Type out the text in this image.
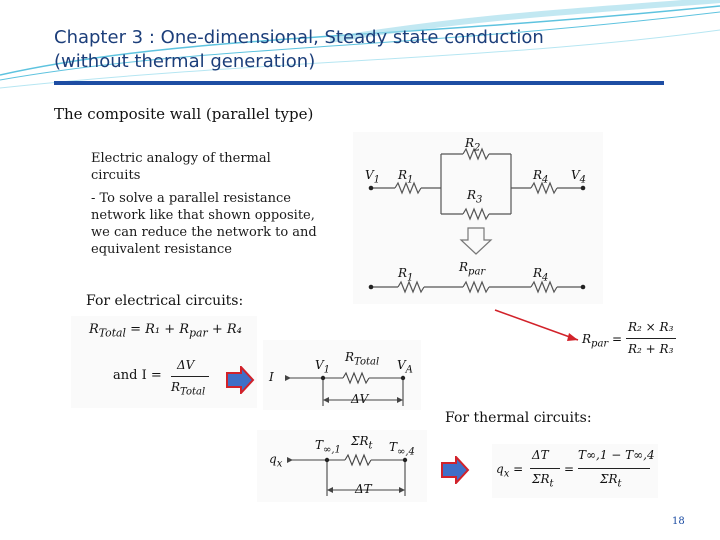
Chapter 3 : One-dimensional, Steady state conduction
(without thermal generation)
The composite wall (parallel type)
Electric analogy of thermal
circuits
- To solve a parallel resistance
network like that shown opposite,
we can reduce the network to and
equivalent resistance
$R_2$
$V_1$ $R_1$
$R_3$
$R_4$ $V_4$
$R_1$
$R_{par}$	$R_4$
$R_{par}$ =
R₂ × R₃
R₂ + R₃
For electrical circuits:
$R_{Total} = R_1 + R_{par} + R_4$
and I =
ΔV
$R_{Total}$
I
$V_1$
$R_{Total}$ $V_A$
ΔV
For thermal circuits:
$T_{\infty,1}$
$\Sigma R_t$ $T_{\infty,4}$
$q_x$
ΔT
$q_x$ =
ΔT
$\Sigma R_t$
=
T∞,1 − T∞,4
$\Sigma R_t$
18
